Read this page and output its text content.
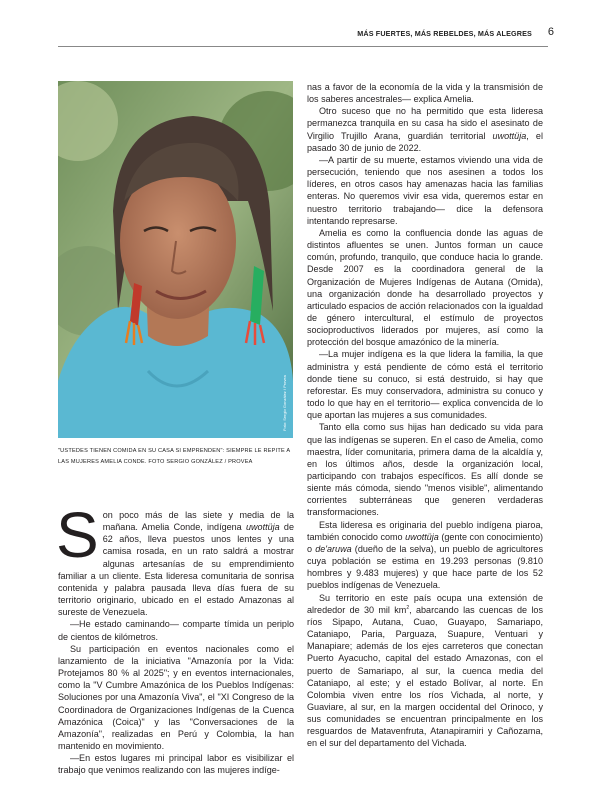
MÁS FUERTES, MÁS REBELDES, MÁS ALEGRES 6
Foto: Sergio González / Provea
"USTEDES TIENEN COMIDA EN SU CASA SI EMPRENDEN": SIEMPRE LE REPITE A LAS MUJERES AMELIA CONDE. FOTO SERGIO GONZÁLEZ / PROVEA

Son poco más de las siete y media de la mañana. Amelia Conde, indígena uwottüja de 62 años, lleva puestos unos lentes y una camisa rosada, en un rato saldrá a mostrar algunas artesanías de su emprendimiento familiar a un cliente. Esta lideresa comunitaria de sonrisa contenida y palabra pausada lleva días fuera de su territorio originario, ubicado en el estado Amazonas al sureste de Venezuela.

—He estado caminando— comparte tímida un periplo de cientos de kilómetros.

Su participación en eventos nacionales como el lanzamiento de la iniciativa "Amazonía por la Vida: Protejamos 80 % al 2025"; y en eventos internacionales, como la "V Cumbre Amazónica de los Pueblos Indígenas: Soluciones por una Amazonía Viva", el "XI Congreso de la Coordinadora de Organizaciones Indígenas de la Cuenca Amazónica (Coica)" y las "Conversaciones de la Amazonía", realizadas en Perú y Colombia, la han mantenido en movimiento.

—En estos lugares mi principal labor es visibilizar el trabajo que venimos realizando con las mujeres indíge-

nas a favor de la economía de la vida y la transmisión de los saberes ancestrales— explica Amelia.

Otro suceso que no ha permitido que esta lideresa permanezca tranquila en su casa ha sido el asesinato de Virgilio Trujillo Arana, guardián territorial uwottüja, el pasado 30 de junio de 2022.

—A partir de su muerte, estamos viviendo una vida de persecución, teniendo que nos asesinen a todos los líderes, en otros casos hay amenazas hacia las familias enteras. No queremos vivir esa vida, queremos estar en nuestro territorio trabajando— dice la defensora intentando represarse.

Amelia es como la confluencia donde las aguas de distintos afluentes se unen. Juntos forman un cauce común, profundo, tranquilo, que conduce hacia lo grande. Desde 2007 es la coordinadora general de la Organización de Mujeres Indígenas de Autana (Omida), una organización donde ha desarrollado proyectos y articulado espacios de acción relacionados con la igualdad de género intercultural, el estímulo de proyectos socioproductivos liderados por mujeres, así como la protección del bosque amazónico de la minería.

—La mujer indígena es la que lidera la familia, la que administra y está pendiente de cómo está el territorio donde tiene su conuco, si está destruido, si hay que reforestar. Es muy conservadora, administra su conuco y todo lo que hay en el territorio— explica convencida de lo que aportan las mujeres a sus comunidades.

Tanto ella como sus hijas han dedicado su vida para que las indígenas se superen. En el caso de Amelia, como maestra, líder comunitaria, primera dama de la alcaldía y, en los últimos años, desde la organización local, participando con trabajos específicos. Es allí donde se siente más cómoda, siendo "menos visible", alimentando corrientes subterráneas que generen verdaderas transformaciones.

Esta lideresa es originaria del pueblo indígena piaroa, también conocido como uwottüja (gente con conocimiento) o de'aruwa (dueño de la selva), un pueblo de agricultores cuya población se estima en 19.293 personas (9.810 hombres y 9.483 mujeres) y que hace parte de los 52 pueblos indígenas de Venezuela.

Su territorio en este país ocupa una extensión de alrededor de 30 mil $km^2$, abarcando las cuencas de los ríos Sipapo, Autana, Cuao, Guayapo, Samariapo, Cataniapo, Paria, Parguaza, Suapure, Ventuari y Manapiare; además de los ejes carreteros que conectan Puerto Ayacucho, capital del estado Amazonas, con el puerto de Samariapo, al sur, la cuenca media del Cataniapo, al este; y el estado Bolívar, al norte. En Colombia viven entre los ríos Vichada, al norte, y Guaviare, al sur, en la margen occidental del Orinoco, y sus comunidades se encuentran principalmente en los resguardos de Matavenfruta, Atanapiramiri y Cañozama, en el sur del departamento del Vichada.
